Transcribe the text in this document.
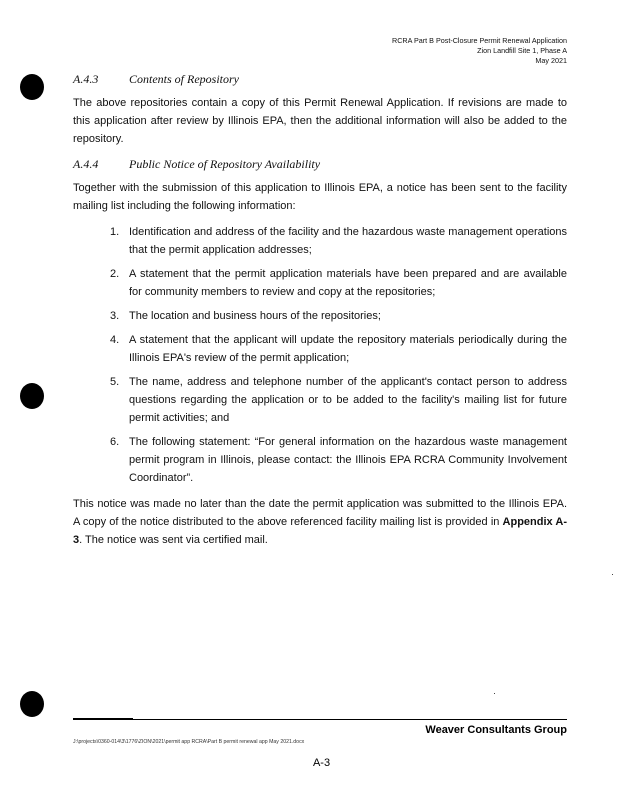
RCRA Part B Post-Closure Permit Renewal Application
Zion Landfill Site 1, Phase A
May 2021
A.4.3	Contents of Repository

The above repositories contain a copy of this Permit Renewal Application. If revisions are made to this application after review by Illinois EPA, then the additional information will also be added to the repository.

A.4.4	Public Notice of Repository Availability

Together with the submission of this application to Illinois EPA, a notice has been sent to the facility mailing list including the following information:

1. Identification and address of the facility and the hazardous waste management operations that the permit application addresses;
2. A statement that the permit application materials have been prepared and are available for community members to review and copy at the repositories;
3. The location and business hours of the repositories;
4. A statement that the applicant will update the repository materials periodically during the Illinois EPA's review of the permit application;
5. The name, address and telephone number of the applicant's contact person to address questions regarding the application or to be added to the facility's mailing list for future permit activities; and
6. The following statement: “For general information on the hazardous waste management permit program in Illinois, please contact: the Illinois EPA RCRA Community Involvement Coordinator”.

This notice was made no later than the date the permit application was submitted to the Illinois EPA. A copy of the notice distributed to the above referenced facility mailing list is provided in Appendix A-3. The notice was sent via certified mail.

Weaver Consultants Group
J:\projects\0360-014\3\1776\ZION\2021\permit app RCRA\Part B permit renewal app May 2021.docx
A-3
